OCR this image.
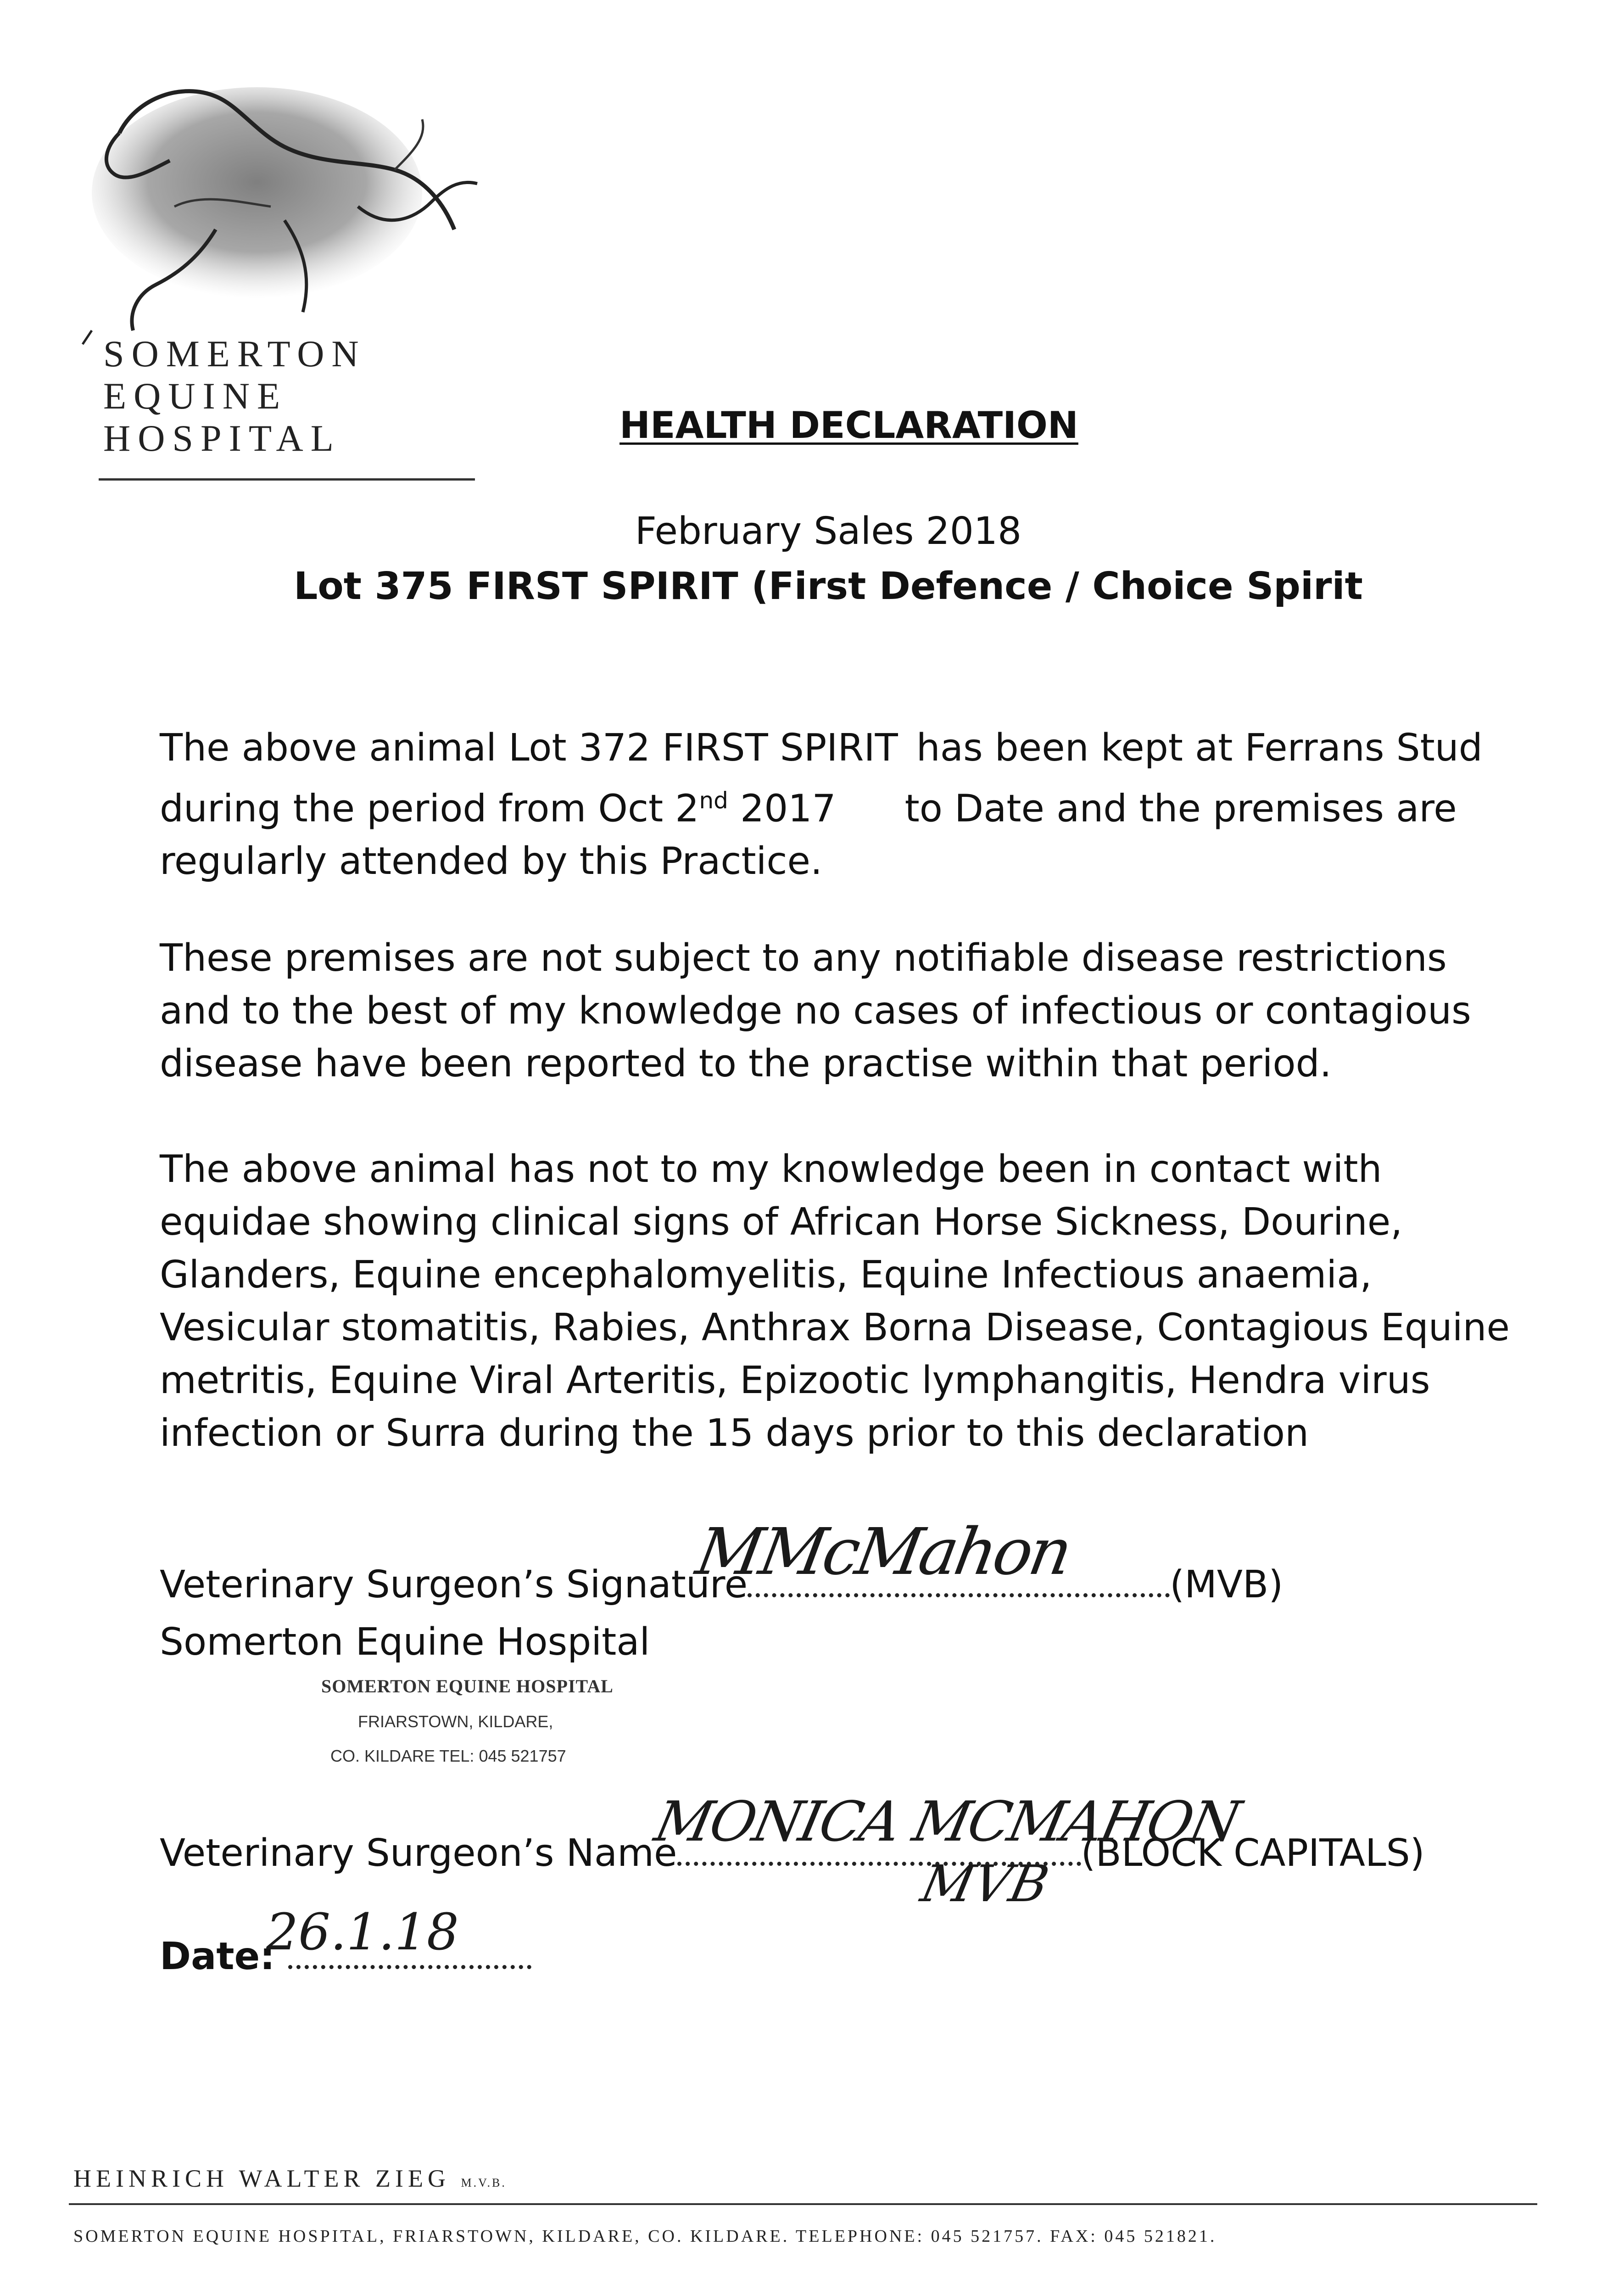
SOMERTON
EQUINE
HOSPITAL	HEALTH DECLARATION
February Sales 2018
Lot 375 FIRST SPIRIT (First Defence / Choice Spirit
The above animal Lot 372 FIRST SPIRIT has been kept at Ferrans Stud
during the period from Oct 2nd 2017 to Date and the premises are
regularly attended by this Practice.
These premises are not subject to any notifiable disease restrictions and to the best of my knowledge no cases of infectious or contagious disease have been reported to the practise within that period.
The above animal has not to my knowledge been in contact with equidae showing clinical signs of African Horse Sickness, Dourine, Glanders, Equine encephalomyelitis, Equine Infectious anaemia, Vesicular stomatitis, Rabies, Anthrax Borna Disease, Contagious Equine metritis, Equine Viral Arteritis, Epizootic lymphangitis, Hendra virus infection or Surra during the 15 days prior to this declaration
Veterinary Surgeon’s Signature	(MVB)
MMcMahon
Somerton Equine Hospital
SOMERTON EQUINE HOSPITAL
FRIARSTOWN, KILDARE,
CO. KILDARE TEL: 045 521757
Veterinary Surgeon’s Name	(BLOCK CAPITALS)
MONICA MCMAHON
MVB
Date:
26.1.18
HEINRICH WALTER ZIEG M.V.B.
SOMERTON EQUINE HOSPITAL, FRIARSTOWN, KILDARE, CO. KILDARE. TELEPHONE: 045 521757. FAX: 045 521821.
